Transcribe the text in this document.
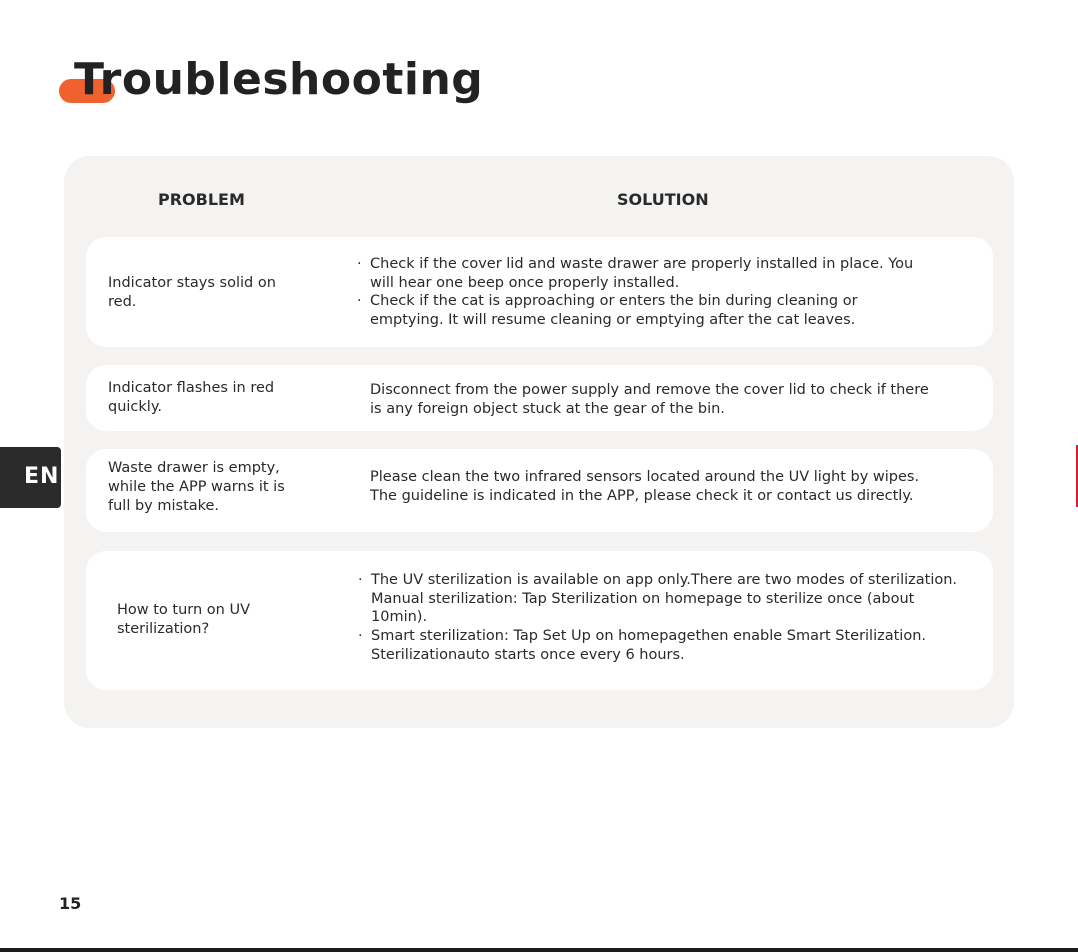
Troubleshooting
PROBLEM	SOLUTION
Indicator stays solid on
red.
· Check if the cover lid and waste drawer are properly installed in place. You
will hear one beep once properly installed.
· Check if the cat is approaching or enters the bin during cleaning or
emptying. It will resume cleaning or emptying after the cat leaves.
Indicator flashes in red
quickly.
Disconnect from the power supply and remove the cover lid to check if there
is any foreign object stuck at the gear of the bin.
Waste drawer is empty,
while the APP warns it is
full by mistake.
Please clean the two infrared sensors located around the UV light by wipes.
The guideline is indicated in the APP, please check it or contact us directly.
How to turn on UV
sterilization?
· The UV sterilization is available on app only.There are two modes of sterilization.
Manual sterilization: Tap Sterilization on homepage to sterilize once (about
10min).
· Smart sterilization: Tap Set Up on homepagethen enable Smart Sterilization.
Sterilizationauto starts once every 6 hours.
EN
15
